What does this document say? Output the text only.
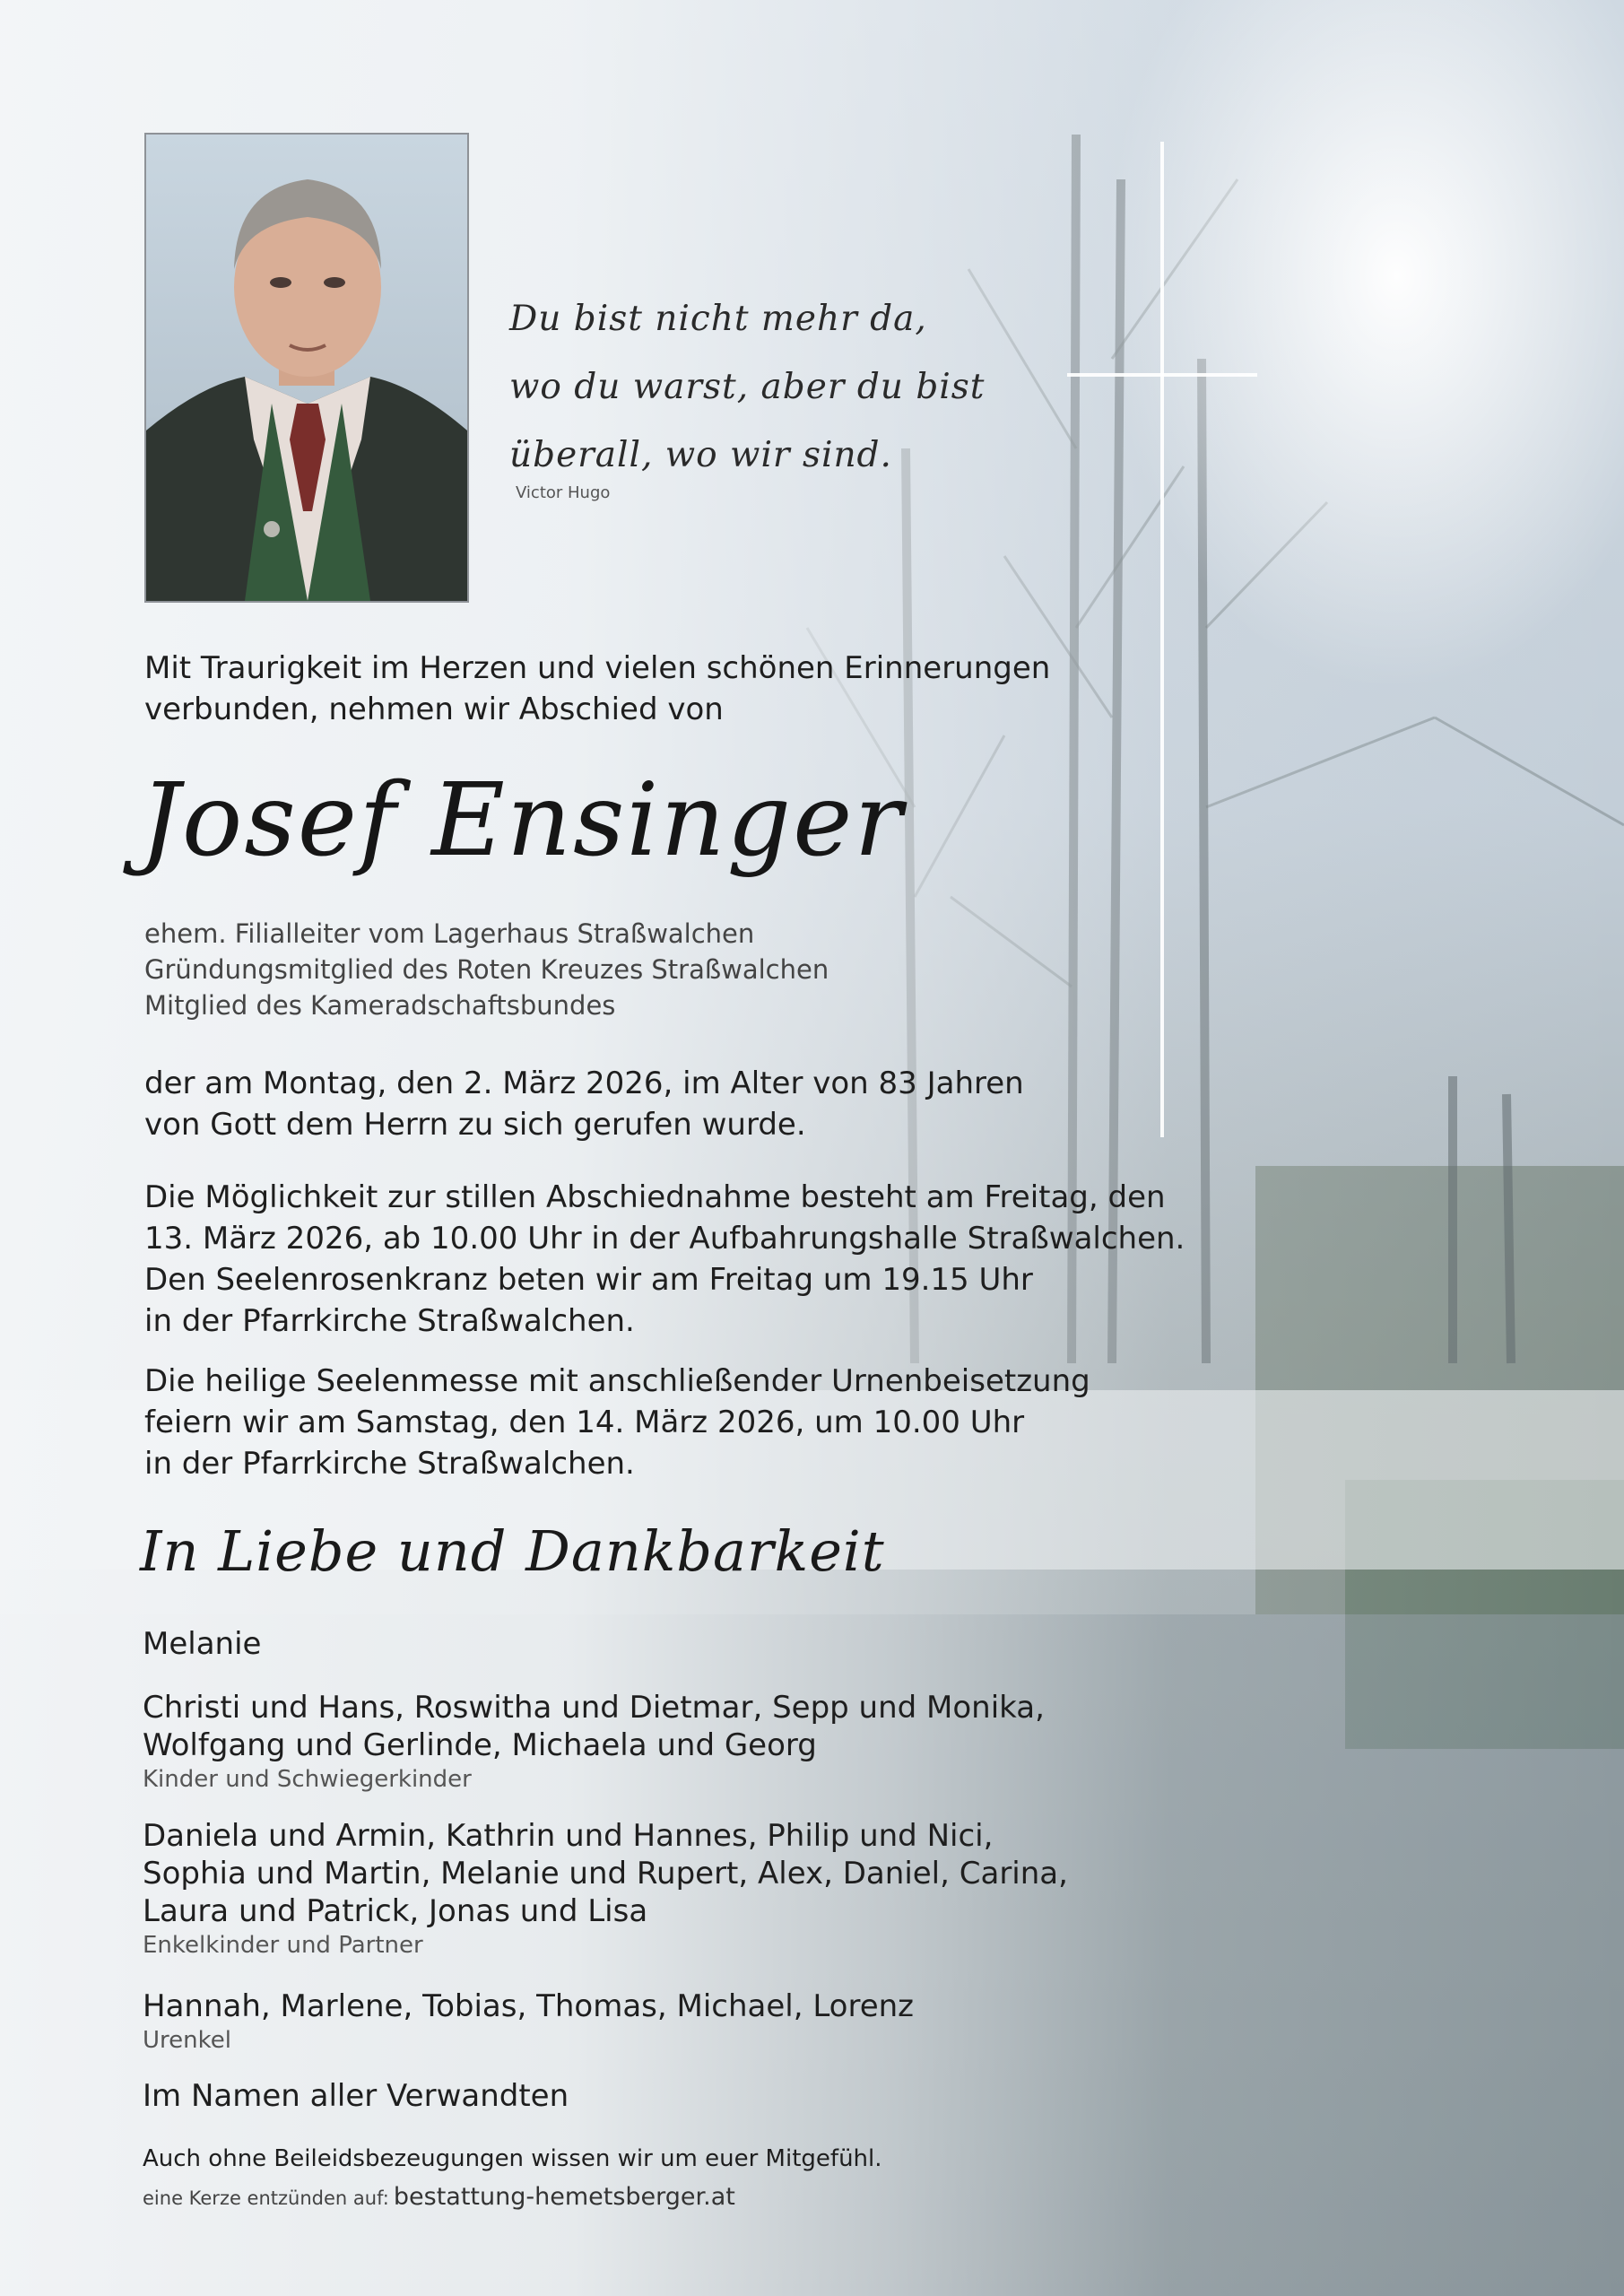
Du bist nicht mehr da,
wo du warst, aber du bist
überall, wo wir sind.
Victor Hugo
Mit Traurigkeit im Herzen und vielen schönen Erinnerungen
verbunden, nehmen wir Abschied von
Josef Ensinger
ehem. Filialleiter vom Lagerhaus Straßwalchen
Gründungsmitglied des Roten Kreuzes Straßwalchen
Mitglied des Kameradschaftsbundes
der am Montag, den 2. März 2026, im Alter von 83 Jahren
von Gott dem Herrn zu sich gerufen wurde.
Die Möglichkeit zur stillen Abschiednahme besteht am Freitag, den
13. März 2026, ab 10.00 Uhr in der Aufbahrungshalle Straßwalchen.
Den Seelenrosenkranz beten wir am Freitag um 19.15 Uhr
in der Pfarrkirche Straßwalchen.
Die heilige Seelenmesse mit anschließender Urnenbeisetzung
feiern wir am Samstag, den 14. März 2026, um 10.00 Uhr
in der Pfarrkirche Straßwalchen.
In Liebe und Dankbarkeit
Melanie
Christi und Hans, Roswitha und Dietmar, Sepp und Monika,
Wolfgang und Gerlinde, Michaela und Georg
Kinder und Schwiegerkinder
Daniela und Armin, Kathrin und Hannes, Philip und Nici,
Sophia und Martin, Melanie und Rupert, Alex, Daniel, Carina,
Laura und Patrick, Jonas und Lisa
Enkelkinder und Partner
Hannah, Marlene, Tobias, Thomas, Michael, Lorenz
Urenkel
Im Namen aller Verwandten
Auch ohne Beileidsbezeugungen wissen wir um euer Mitgefühl.
eine Kerze entzünden auf: bestattung-hemetsberger.at
